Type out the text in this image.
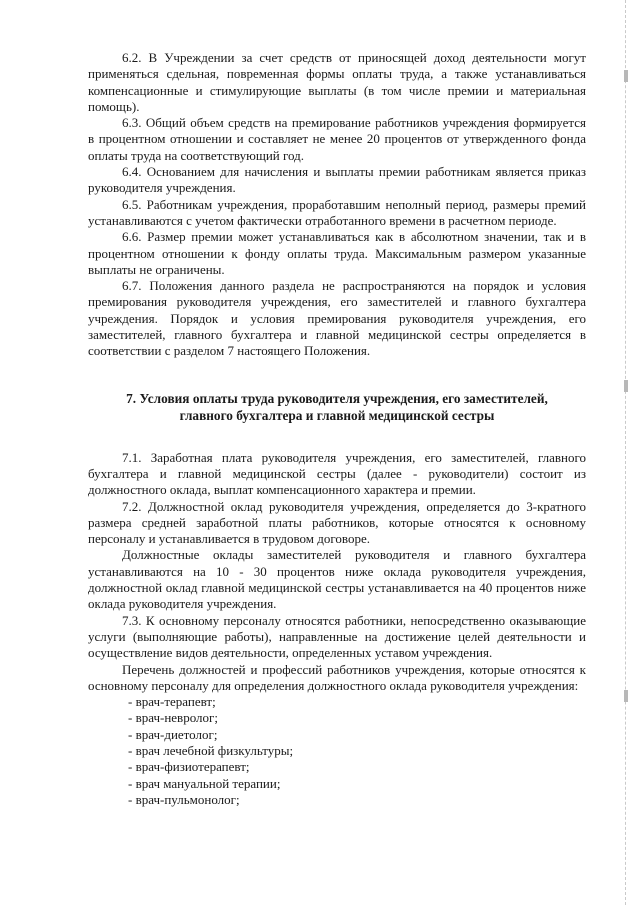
6.2. В Учреждении за счет средств от приносящей доход деятельности могут применяться сдельная, повременная формы оплаты труда, а также устанавливаться компенсационные и стимулирующие выплаты (в том числе премии и материальная помощь).

6.3. Общий объем средств на премирование работников учреждения формируется в процентном отношении и составляет не менее 20 процентов от утвержденного фонда оплаты труда на соответствующий год.

6.4. Основанием для начисления и выплаты премии работникам является приказ руководителя учреждения.

6.5. Работникам учреждения, проработавшим неполный период, размеры премий устанавливаются с учетом фактически отработанного времени в расчетном периоде.

6.6. Размер премии может устанавливаться как в абсолютном значении, так и в процентном отношении к фонду оплаты труда. Максимальным размером указанные выплаты не ограничены.

6.7. Положения данного раздела не распространяются на порядок и условия премирования руководителя учреждения, его заместителей и главного бухгалтера учреждения. Порядок и условия премирования руководителя учреждения, его заместителей, главного бухгалтера и главной медицинской сестры определяется в соответствии с разделом 7 настоящего Положения.

7. Условия оплаты труда руководителя учреждения, его заместителей,
главного бухгалтера и главной медицинской сестры

7.1. Заработная плата руководителя учреждения, его заместителей, главного бухгалтера и главной медицинской сестры (далее - руководители) состоит из должностного оклада, выплат компенсационного характера и премии.

7.2. Должностной оклад руководителя учреждения, определяется до 3-кратного размера средней заработной платы работников, которые относятся к основному персоналу и устанавливается в трудовом договоре.

Должностные оклады заместителей руководителя и главного бухгалтера устанавливаются на 10 - 30 процентов ниже оклада руководителя учреждения, должностной оклад главной медицинской сестры устанавливается на 40 процентов ниже оклада руководителя учреждения.

7.3. К основному персоналу относятся работники, непосредственно оказывающие услуги (выполняющие работы), направленные на достижение целей деятельности и осуществление видов деятельности, определенных уставом учреждения.

Перечень должностей и профессий работников учреждения, которые относятся к основному персоналу для определения должностного оклада руководителя учреждения:

- врач-терапевт;
- врач-невролог;
- врач-диетолог;
- врач лечебной физкультуры;
- врач-физиотерапевт;
- врач мануальной терапии;
- врач-пульмонолог;
